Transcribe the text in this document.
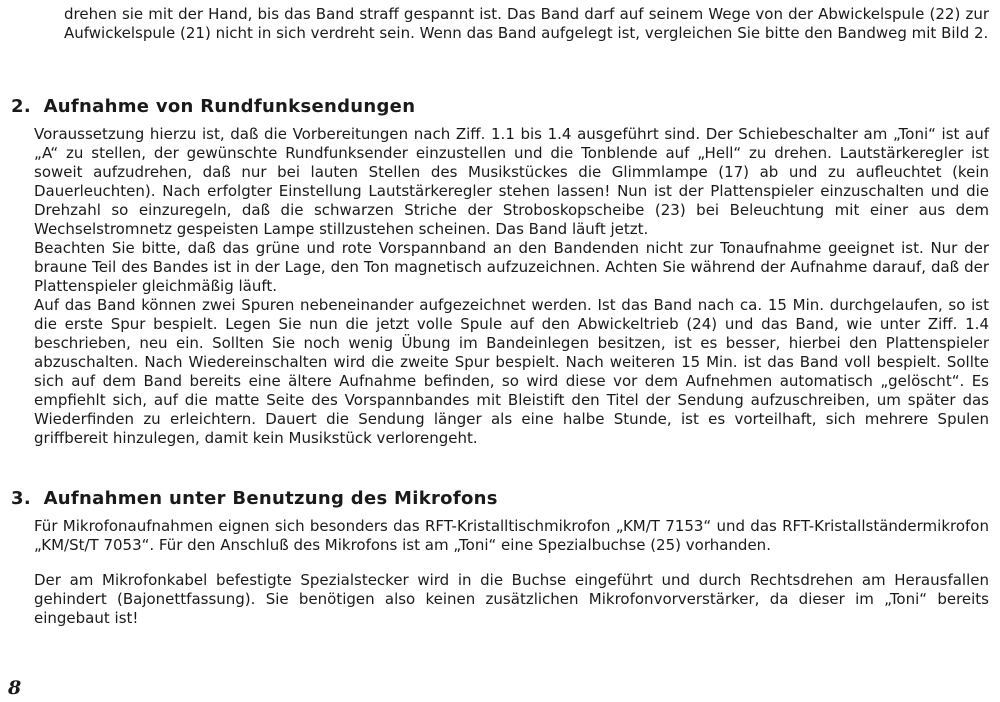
drehen sie mit der Hand, bis das Band straff gespannt ist. Das Band darf auf seinem Wege von der Abwickelspule (22) zur Aufwickelspule (21) nicht in sich verdreht sein. Wenn das Band aufgelegt ist, vergleichen Sie bitte den Bandweg mit Bild 2.

2. Aufnahme von Rundfunksendungen

Voraussetzung hierzu ist, daß die Vorbereitungen nach Ziff. 1.1 bis 1.4 ausgeführt sind. Der Schiebeschalter am „Toni“ ist auf „A“ zu stellen, der gewünschte Rundfunksender einzustellen und die Tonblende auf „Hell“ zu drehen. Lautstärkeregler ist soweit aufzudrehen, daß nur bei lauten Stellen des Musikstückes die Glimmlampe (17) ab und zu aufleuchtet (kein Dauerleuchten). Nach erfolgter Einstellung Lautstärkeregler stehen lassen! Nun ist der Plattenspieler einzuschalten und die Drehzahl so einzuregeln, daß die schwarzen Striche der Stroboskopscheibe (23) bei Beleuchtung mit einer aus dem Wechselstromnetz gespeisten Lampe stillzustehen scheinen. Das Band läuft jetzt.

Beachten Sie bitte, daß das grüne und rote Vorspannband an den Bandenden nicht zur Tonaufnahme geeignet ist. Nur der braune Teil des Bandes ist in der Lage, den Ton magnetisch aufzuzeichnen. Achten Sie während der Aufnahme darauf, daß der Plattenspieler gleichmäßig läuft.

Auf das Band können zwei Spuren nebeneinander aufgezeichnet werden. Ist das Band nach ca. 15 Min. durchgelaufen, so ist die erste Spur bespielt. Legen Sie nun die jetzt volle Spule auf den Abwickeltrieb (24) und das Band, wie unter Ziff. 1.4 beschrieben, neu ein. Sollten Sie noch wenig Übung im Bandeinlegen besitzen, ist es besser, hierbei den Plattenspieler abzuschalten. Nach Wiedereinschalten wird die zweite Spur bespielt. Nach weiteren 15 Min. ist das Band voll bespielt. Sollte sich auf dem Band bereits eine ältere Aufnahme befinden, so wird diese vor dem Aufnehmen automatisch „gelöscht“. Es empfiehlt sich, auf die matte Seite des Vorspannbandes mit Bleistift den Titel der Sendung aufzuschreiben, um später das Wiederfinden zu erleichtern. Dauert die Sendung länger als eine halbe Stunde, ist es vorteilhaft, sich mehrere Spulen griffbereit hinzulegen, damit kein Musikstück verlorengeht.

3. Aufnahmen unter Benutzung des Mikrofons

Für Mikrofonaufnahmen eignen sich besonders das RFT-Kristalltischmikrofon „KM/T 7153“ und das RFT-Kristallständermikrofon „KM/St/T 7053“. Für den Anschluß des Mikrofons ist am „Toni“ eine Spezialbuchse (25) vorhanden.

Der am Mikrofonkabel befestigte Spezialstecker wird in die Buchse eingeführt und durch Rechtsdrehen am Herausfallen gehindert (Bajonettfassung). Sie benötigen also keinen zusätzlichen Mikrofonvorverstärker, da dieser im „Toni“ bereits eingebaut ist!

8
